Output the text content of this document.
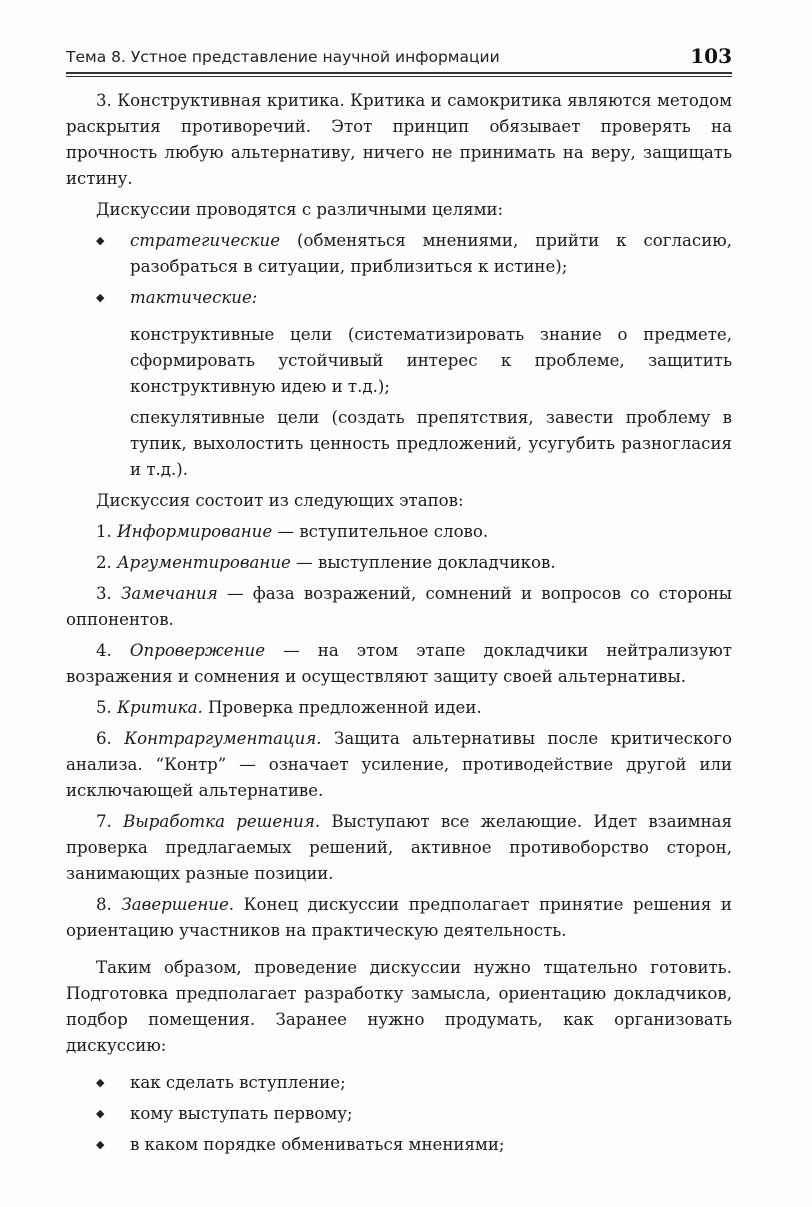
Тема 8. Устное представление научной информации	103

3. Конструктивная критика. Критика и самокритика являются методом раскрытия противоречий. Этот принцип обязывает проверять на прочность любую альтернативу, ничего не принимать на веру, защищать истину.

Дискуссии проводятся с различными целями:

◆ стратегические (обменяться мнениями, прийти к согласию, разобраться в ситуации, приблизиться к истине);
◆ тактические:

конструктивные цели (систематизировать знание о предмете, сформировать устойчивый интерес к проблеме, защитить конструктивную идею и т.д.);

спекулятивные цели (создать препятствия, завести проблему в тупик, выхолостить ценность предложений, усугубить разногласия и т.д.).

Дискуссия состоит из следующих этапов:

1. Информирование — вступительное слово.

2. Аргументирование — выступление докладчиков.

3. Замечания — фаза возражений, сомнений и вопросов со стороны оппонентов.

4. Опровержение — на этом этапе докладчики нейтрализуют возражения и сомнения и осуществляют защиту своей альтернативы.

5. Критика. Проверка предложенной идеи.

6. Контраргументация. Защита альтернативы после критического анализа. “Контр” — означает усиление, противодействие другой или исключающей альтернативе.

7. Выработка решения. Выступают все желающие. Идет взаимная проверка предлагаемых решений, активное противоборство сторон, занимающих разные позиции.

8. Завершение. Конец дискуссии предполагает принятие решения и ориентацию участников на практическую деятельность.

Таким образом, проведение дискуссии нужно тщательно готовить. Подготовка предполагает разработку замысла, ориентацию докладчиков, подбор помещения. Заранее нужно продумать, как организовать дискуссию:

◆ как сделать вступление;
◆ кому выступать первому;
◆ в каком порядке обмениваться мнениями;
